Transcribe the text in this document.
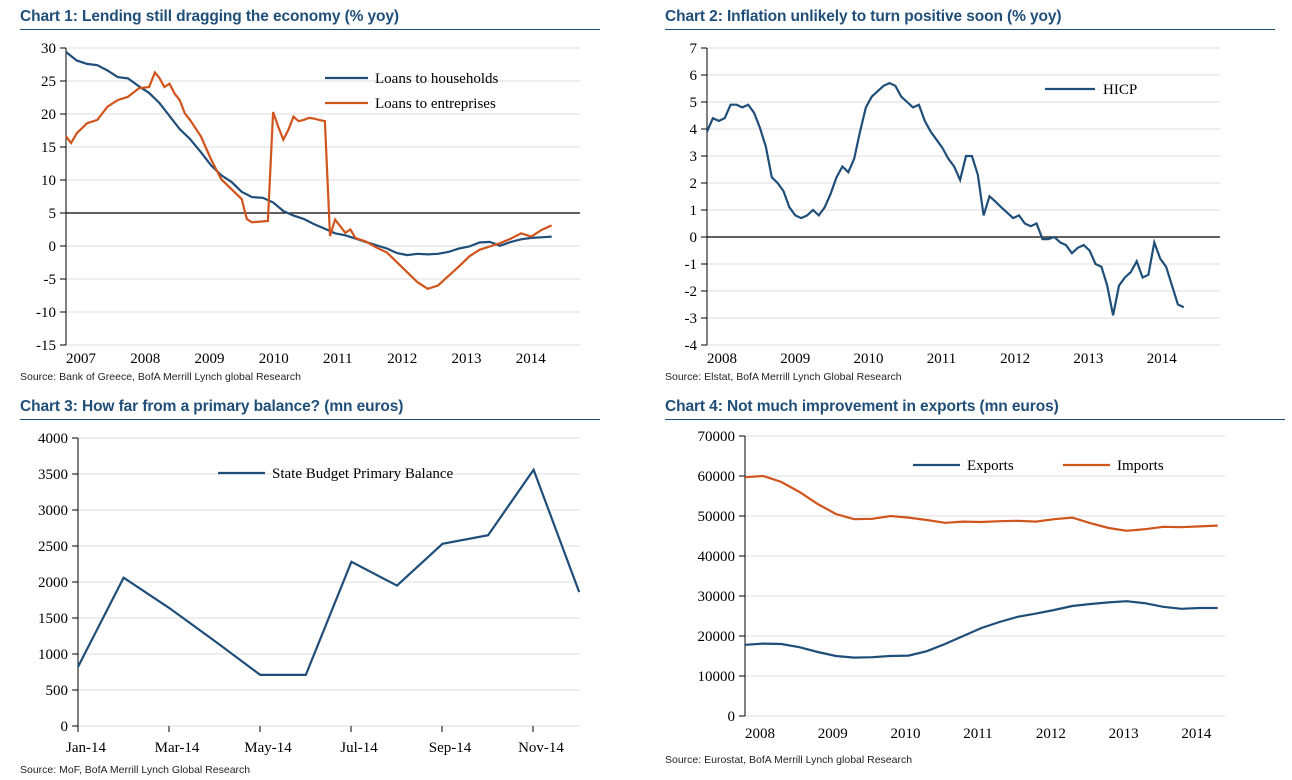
Chart 1: Lending still dragging the economy (% yoy)
30
25
20
15
10
5
0
-5
-10
-15
2007 2008 2009 2010 2011 2012 2013 2014
Loans to households
Loans to entreprises
Source: Bank of Greece, BofA Merrill Lynch global Research
Chart 2: Inflation unlikely to turn positive soon (% yoy)
7
6
5
4
3
2
1
0
-1
-2
-3
-4
2008	2009	2010	2011	2012	2013	2014
HICP
Source: Elstat, BofA Merrill Lynch Global Research
Chart 3: How far from a primary balance? (mn euros)
4000
3500
3000
2500
2000
1500
1000
500
0
Jan-14	Mar-14	May-14	Jul-14	Sep-14	Nov-14
State Budget Primary Balance
Source: MoF, BofA Merrill Lynch Global Research
Chart 4: Not much improvement in exports (mn euros)
70000
60000
50000
40000
30000
20000
10000
0
2008	2009	2010	2011	2012	2013	2014
Exports	Imports
Source: Eurostat, BofA Merrill Lynch global Research
